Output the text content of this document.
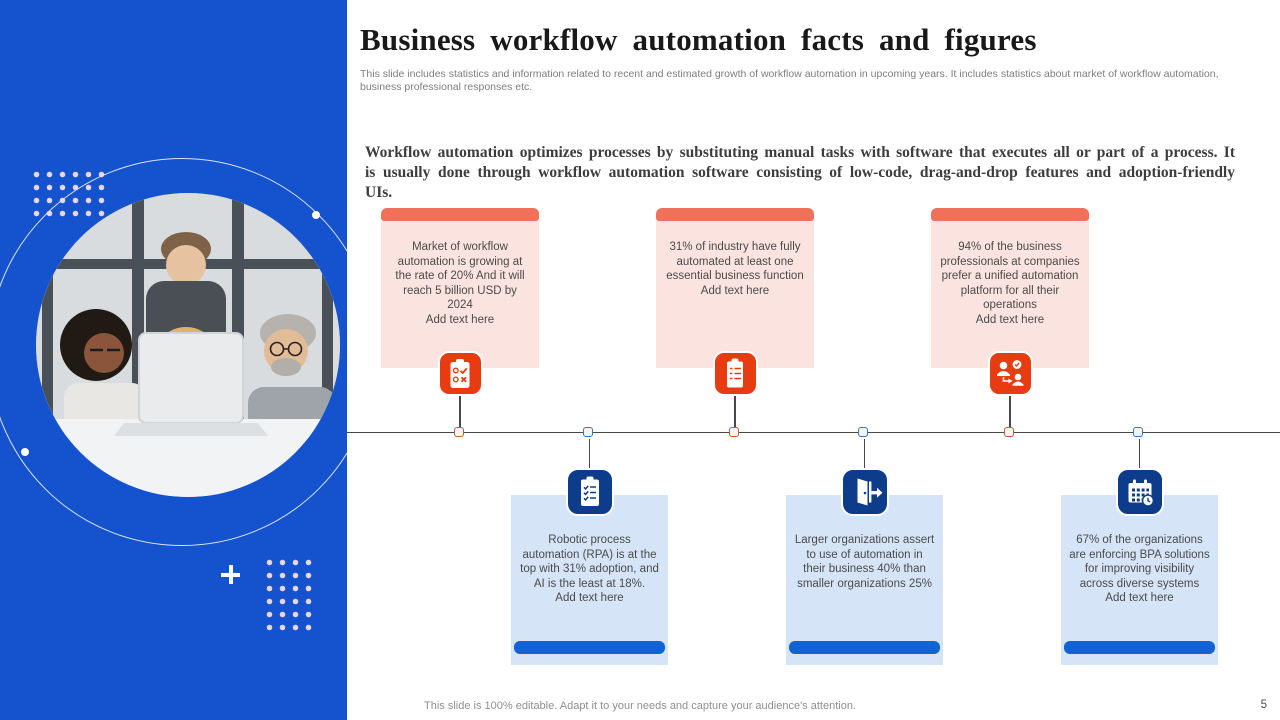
Business workflow automation facts and figures

This slide includes statistics and information related to recent and estimated growth of workflow automation in upcoming years. It includes statistics about market of workflow automation, business professional responses etc.

Workflow automation optimizes processes by substituting manual tasks with software that executes all or part of a process. It is usually done through workflow automation software consisting of low-code, drag-and-drop features and adoption-friendly UIs.

Market of workflow automation is growing at the rate of 20% And it will reach 5 billion USD by 2024
Add text here

31% of industry have fully automated at least one essential business function
Add text here

94% of the business professionals at companies prefer a unified automation platform for all their operations
Add text here

Robotic process automation (RPA) is at the top with 31% adoption, and AI is the least at 18%.
Add text here

Larger organizations assert to use of automation in their business 40% than smaller organizations 25%

67% of the organizations are enforcing BPA solutions for improving visibility across diverse systems
Add text here

This slide is 100% editable. Adapt it to your needs and capture your audience's attention.	5
